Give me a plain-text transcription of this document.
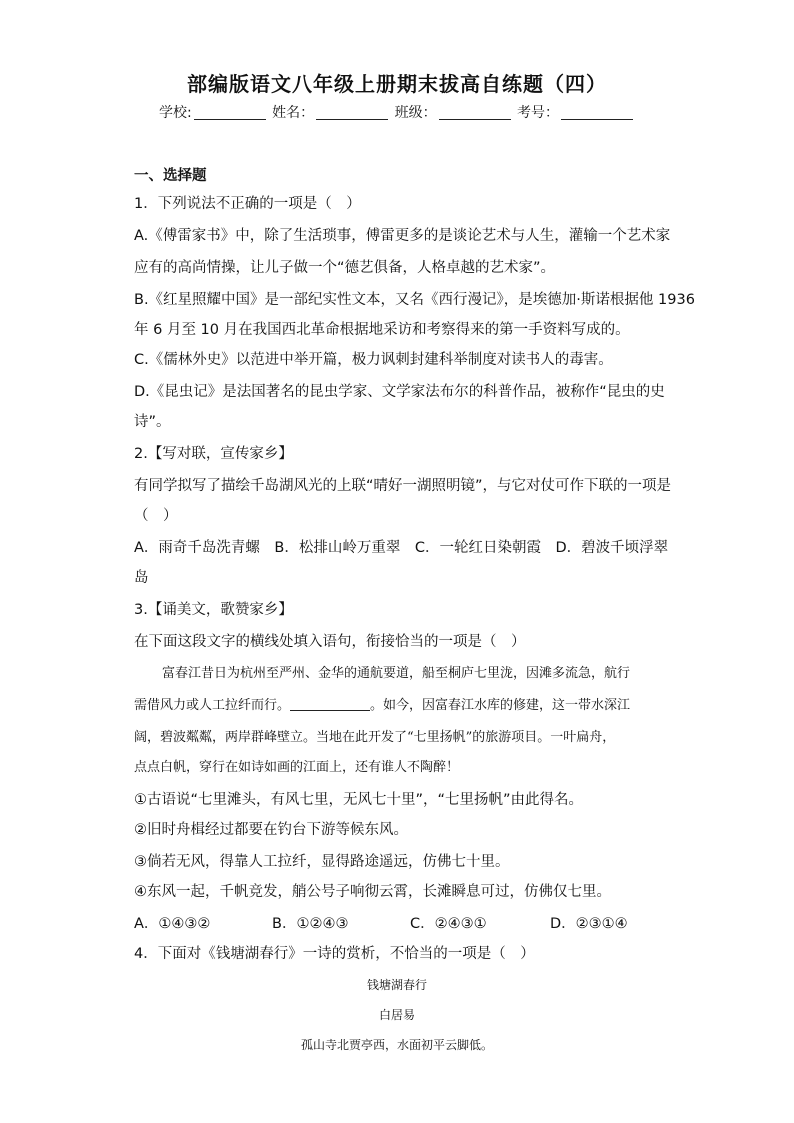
部编版语文八年级上册期末拔高自练题（四）
学校:	姓名：	班级：	考号：
一、选择题
1．下列说法不正确的一项是（　）
A.《傅雷家书》中，除了生活琐事，傅雷更多的是谈论艺术与人生，灌输一个艺术家
应有的高尚情操，让儿子做一个“德艺俱备，人格卓越的艺术家”。
B.《红星照耀中国》是一部纪实性文本，又名《西行漫记》，是埃德加·斯诺根据他 1936
年 6 月至 10 月在我国西北革命根据地采访和考察得来的第一手资料写成的。
C.《儒林外史》以范进中举开篇，极力讽刺封建科举制度对读书人的毒害。
D.《昆虫记》是法国著名的昆虫学家、文学家法布尔的科普作品，被称作“昆虫的史
诗”。
2.【写对联，宣传家乡】
有同学拟写了描绘千岛湖风光的上联“晴好一湖照明镜”，与它对仗可作下联的一项是
（　）
A．雨奇千岛洗青螺　B．松排山岭万重翠　C．一轮红日染朝霞　D．碧波千顷浮翠
岛
3.【诵美文，歌赞家乡】
在下面这段文字的横线处填入语句，衔接恰当的一项是（　）
富春江昔日为杭州至严州、金华的通航要道，船至桐庐七里泷，因滩多流急，航行
需借风力或人工拉纤而行。	。如今，因富春江水库的修建，这一带水深江
阔，碧波粼粼，两岸群峰壁立。当地在此开发了“七里扬帆”的旅游项目。一叶扁舟，
点点白帆，穿行在如诗如画的江面上，还有谁人不陶醉！
①古语说“七里滩头，有风七里，无风七十里”，“七里扬帆”由此得名。
②旧时舟楫经过都要在钓台下游等候东风。
③倘若无风，得靠人工拉纤，显得路途遥远，仿佛七十里。
④东风一起，千帆竞发，艄公号子响彻云霄，长滩瞬息可过，仿佛仅七里。
A．①④③②	B．①②④③	C．②④③①	D．②③①④
4．下面对《钱塘湖春行》一诗的赏析，不恰当的一项是（　）
钱塘湖春行
白居易
孤山寺北贾亭西，水面初平云脚低。
